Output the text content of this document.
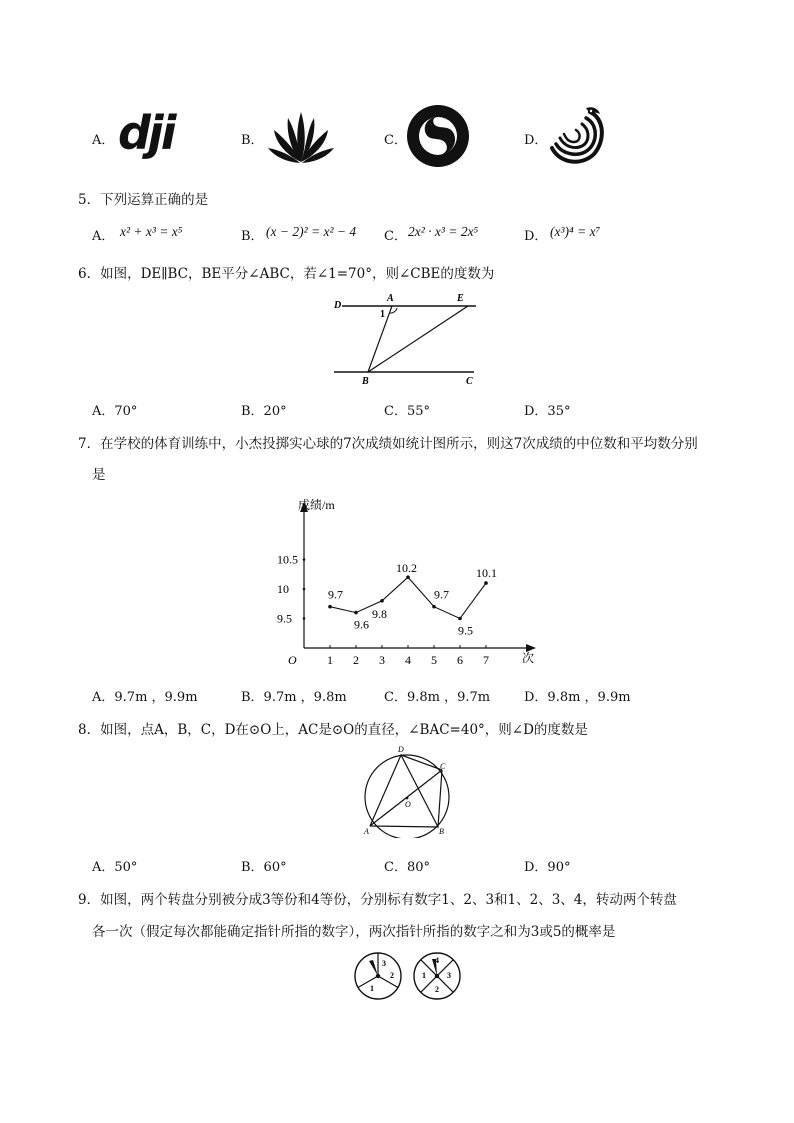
A． dji	B．	C．	D．
5．下列运算正确的是
A． x² + x³ = x⁵	B． (x − 2)² = x² − 4 C． 2x² · x³ = 2x⁵	D． (x³)⁴ = x⁷
6．如图，DE∥BC，BE平分∠ABC，若∠1=70°，则∠CBE的度数为
D
A	E
1
B	C
A．70°	B．20°	C．55°	D．35°
7．在学校的体育训练中，小杰投掷实心球的7次成绩如统计图所示，则这7次成绩的中位数和平均数分别
是
成绩/m
次
O	1 2 3 4 5 6 7
9.5
10
10.5
9.7
9.6
9.8
10.2
9.7
9.5
10.1
A．9.7m ，9.9m	B．9.7m ，9.8m	C．9.8m ，9.7m	D．9.8m ，9.9m
8．如图，点A，B，C，D在⊙O上，AC是⊙O的直径，∠BAC=40°，则∠D的度数是
D
C
O
A	B
A．50°	B．60°	C．80°	D．90°
9．如图，两个转盘分别被分成3等份和4等份，分别标有数字1、2、3和1、2、3、4，转动两个转盘
各一次（假定每次都能确定指针所指的数字），两次指针所指的数字之和为3或5的概率是
3
2
1
4
3
2
1
